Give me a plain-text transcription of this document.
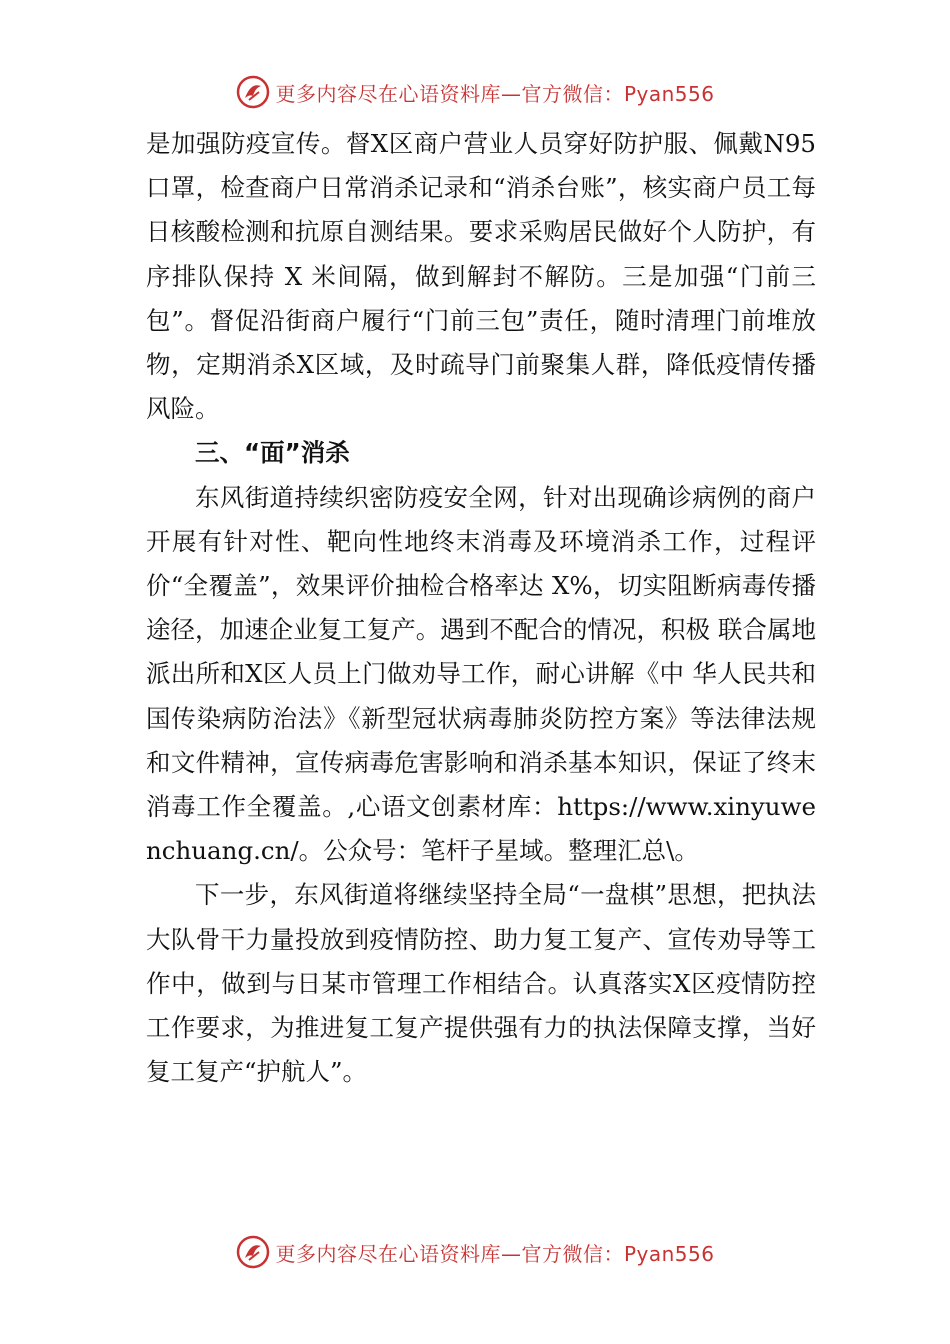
更多内容尽在心语资料库—官方微信：Pyan556

是加强防疫宣传。督X区商户营业人员穿好防护服、佩戴N95 口罩，检查商户日常消杀记录和“消杀台账”，核实商户员工每日核酸检测和抗原自测结果。要求采购居民做好个人防护，有序排队保持 X 米间隔，做到解封不解防。三是加强“门前三包”。督促沿街商户履行“门前三包”责任，随时清理门前堆放物，定期消杀X区域，及时疏导门前聚集人群，降低疫情传播风险。

三、“面”消杀

东风街道持续织密防疫安全网，针对出现确诊病例的商户开展有针对性、靶向性地终末消毒及环境消杀工作，过程评价“全覆盖”，效果评价抽检合格率达 X%，切实阻断病毒传播途径，加速企业复工复产。遇到不配合的情况，积极 联合属地派出所和X区人员上门做劝导工作，耐心讲解《中 华人民共和国传染病防治法》《新型冠状病毒肺炎防控方案》等法律法规和文件精神，宣传病毒危害影响和消杀基本知识，保证了终末消毒工作全覆盖。,心语文创素材库：https://www.xinyuwenchuang.cn/。公众号：笔杆子星域。整理汇总\。

下一步，东风街道将继续坚持全局“一盘棋”思想，把执法大队骨干力量投放到疫情防控、助力复工复产、宣传劝导等工作中，做到与日某市管理工作相结合。认真落实X区疫情防控工作要求，为推进复工复产提供强有力的执法保障支撑，当好复工复产“护航人”。

更多内容尽在心语资料库—官方微信：Pyan556
